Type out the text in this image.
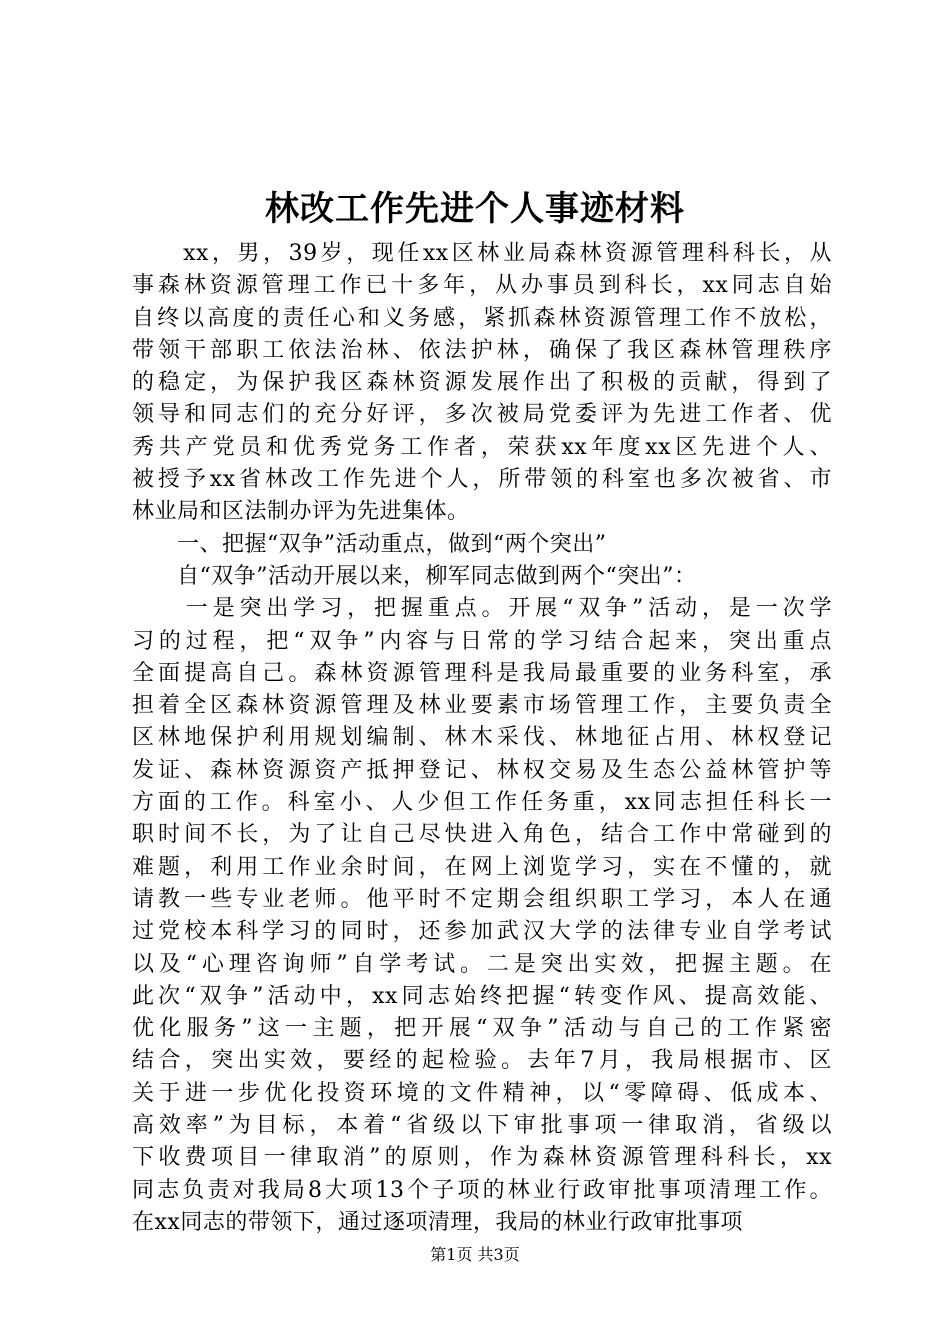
林改工作先进个人事迹材料
　　xx，男，39岁，现任xx区林业局森林资源管理科科长，从
事森林资源管理工作已十多年，从办事员到科长，xx同志自始
自终以高度的责任心和义务感，紧抓森林资源管理工作不放松，
带领干部职工依法治林、依法护林，确保了我区森林管理秩序
的稳定，为保护我区森林资源发展作出了积极的贡献，得到了
领导和同志们的充分好评，多次被局党委评为先进工作者、优
秀共产党员和优秀党务工作者，荣获xx年度xx区先进个人、
被授予xx省林改工作先进个人，所带领的科室也多次被省、市
林业局和区法制办评为先进集体。
　　一、把握“双争”活动重点，做到“两个突出”
　　自“双争”活动开展以来，柳军同志做到两个“突出”：
　　一是突出学习，把握重点。开展“双争”活动，是一次学
习的过程，把“双争”内容与日常的学习结合起来，突出重点
全面提高自己。森林资源管理科是我局最重要的业务科室，承
担着全区森林资源管理及林业要素市场管理工作，主要负责全
区林地保护利用规划编制、林木采伐、林地征占用、林权登记
发证、森林资源资产抵押登记、林权交易及生态公益林管护等
方面的工作。科室小、人少但工作任务重，xx同志担任科长一
职时间不长，为了让自己尽快进入角色，结合工作中常碰到的
难题，利用工作业余时间，在网上浏览学习，实在不懂的，就
请教一些专业老师。他平时不定期会组织职工学习，本人在通
过党校本科学习的同时，还参加武汉大学的法律专业自学考试
以及“心理咨询师”自学考试。二是突出实效，把握主题。在
此次“双争”活动中，xx同志始终把握“转变作风、提高效能、
优化服务”这一主题，把开展“双争”活动与自己的工作紧密
结合，突出实效，要经的起检验。去年7月，我局根据市、区
关于进一步优化投资环境的文件精神，以“零障碍、低成本、
高效率”为目标，本着“省级以下审批事项一律取消，省级以
下收费项目一律取消”的原则，作为森林资源管理科科长，xx
同志负责对我局8大项13个子项的林业行政审批事项清理工作。
在xx同志的带领下，通过逐项清理，我局的林业行政审批事项
第1页 共3页
